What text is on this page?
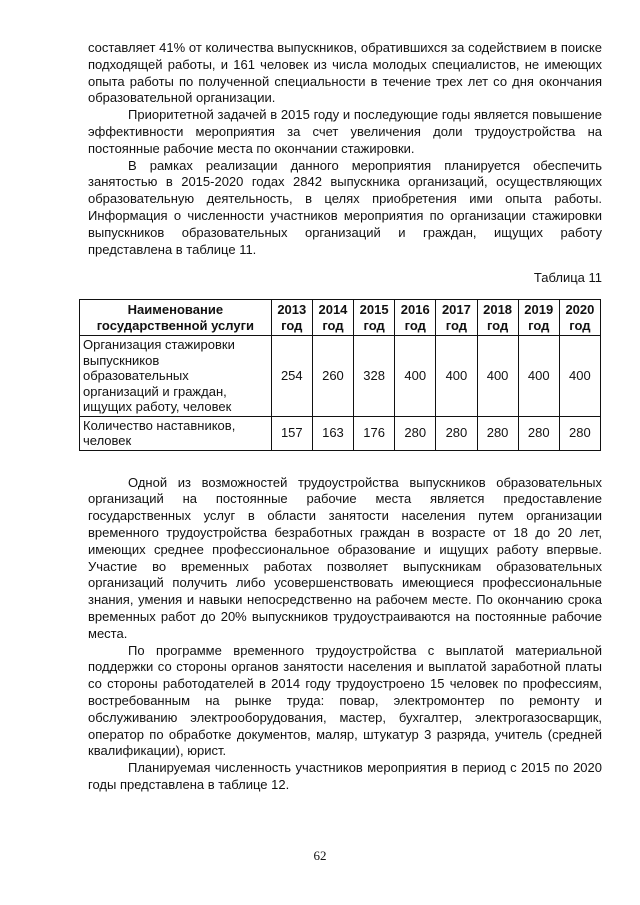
составляет 41% от количества выпускников, обратившихся за содействием в поиске подходящей работы, и 161 человек из числа молодых специалистов, не имеющих опыта работы по полученной специальности в течение трех лет со дня окончания образовательной организации.

Приоритетной задачей в 2015 году и последующие годы является повышение эффективности мероприятия за счет увеличения доли трудоустройства на постоянные рабочие места по окончании стажировки.

В рамках реализации данного мероприятия планируется обеспечить занятостью в 2015-2020 годах 2842 выпускника организаций, осуществляющих образовательную деятельность, в целях приобретения ими опыта работы. Информация о численности участников мероприятия по организации стажировки выпускников образовательных организаций и граждан, ищущих работу представлена в таблице 11.

Таблица 11
Наименование государственной услуги	2013 год	2014 год	2015 год	2016 год	2017 год	2018 год	2019 год	2020 год
Организация стажировки выпускников образовательных организаций и граждан, ищущих работу, человек	254	260	328	400	400	400	400	400
Количество наставников, человек	157	163	176	280	280	280	280	280

Одной из возможностей трудоустройства выпускников образовательных организаций на постоянные рабочие места является предоставление государственных услуг в области занятости населения путем организации временного трудоустройства безработных граждан в возрасте от 18 до 20 лет, имеющих среднее профессиональное образование и ищущих работу впервые. Участие во временных работах позволяет выпускникам образовательных организаций получить либо усовершенствовать имеющиеся профессиональные знания, умения и навыки непосредственно на рабочем месте. По окончанию срока временных работ до 20% выпускников трудоустраиваются на постоянные рабочие места.

По программе временного трудоустройства с выплатой материальной поддержки со стороны органов занятости населения и выплатой заработной платы со стороны работодателей в 2014 году трудоустроено 15 человек по профессиям, востребованным на рынке труда: повар, электромонтер по ремонту и обслуживанию электрооборудования, мастер, бухгалтер, электрогазосварщик, оператор по обработке документов, маляр, штукатур 3 разряда, учитель (средней квалификации), юрист.

Планируемая численность участников мероприятия в период с 2015 по 2020 годы представлена в таблице 12.

62
